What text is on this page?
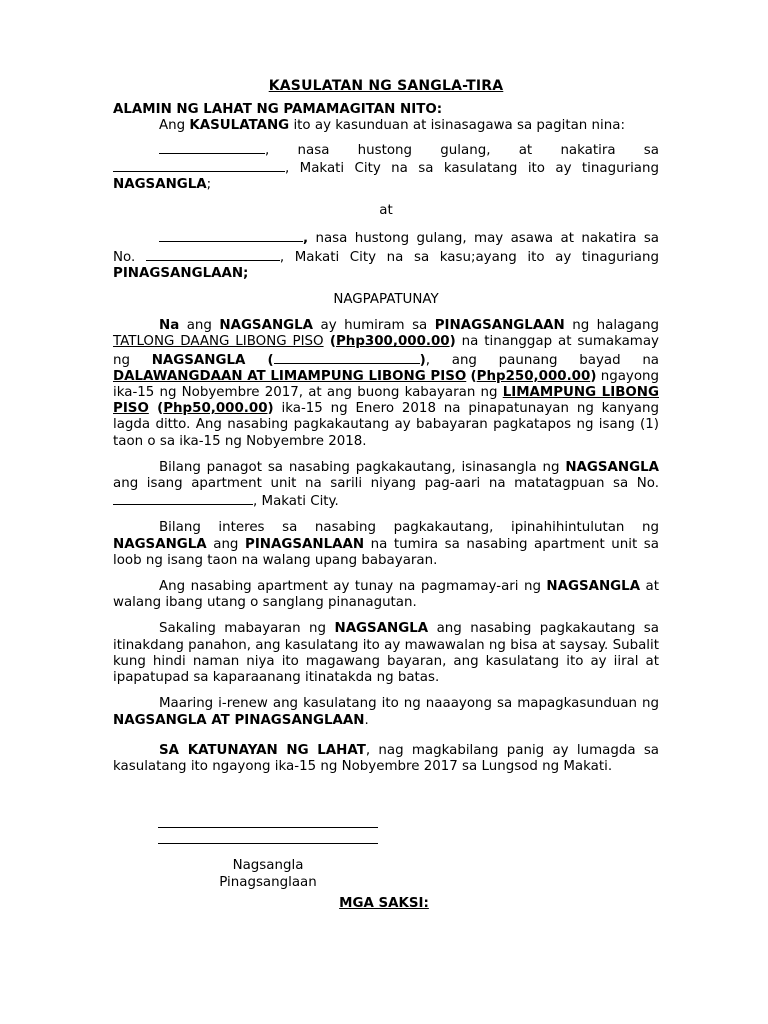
KASULATAN NG SANGLA-TIRA

ALAMIN NG LAHAT NG PAMAMAGITAN NITO:

Ang KASULATANG ito ay kasunduan at isinasagawa sa pagitan nina:

, nasa hustong gulang, at nakatira sa , Makati City na sa kasulatang ito ay tinaguriang NAGSANGLA;

at

, nasa hustong gulang, may asawa at nakatira sa No.	, Makati City na sa kasu;ayang ito ay tinaguriang PINAGSANGLAAN;

NAGPAPATUNAY

Na ang NAGSANGLA ay humiram sa PINAGSANGLAAN ng halagang TATLONG DAANG LIBONG PISO (Php300,000.00) na tinanggap at sumakamay ng NAGSANGLA (	), ang paunang bayad na DALAWANGDAAN AT LIMAMPUNG LIBONG PISO (Php250,000.00) ngayong ika-15 ng Nobyembre 2017, at ang buong kabayaran ng LIMAMPUNG LIBONG PISO (Php50,000.00) ika-15 ng Enero 2018 na pinapatunayan ng kanyang lagda ditto. Ang nasabing pagkakautang ay babayaran pagkatapos ng isang (1) taon o sa ika-15 ng Nobyembre 2018.

Bilang panagot sa nasabing pagkakautang, isinasangla ng NAGSANGLA ang isang apartment unit na sarili niyang pag-aari na matatagpuan sa No. , Makati City.

Bilang interes sa nasabing pagkakautang, ipinahihintulutan ng NAGSANGLA ang PINAGSANLAAN na tumira sa nasabing apartment unit sa loob ng isang taon na walang upang babayaran.

Ang nasabing apartment ay tunay na pagmamay-ari ng NAGSANGLA at walang ibang utang o sanglang pinanagutan.

Sakaling mabayaran ng NAGSANGLA ang nasabing pagkakautang sa itinakdang panahon, ang kasulatang ito ay mawawalan ng bisa at saysay. Subalit kung hindi naman niya ito magawang bayaran, ang kasulatang ito ay iiral at ipapatupad sa kaparaanang itinatakda ng batas.

Maaring i-renew ang kasulatang ito ng naaayong sa mapagkasunduan ng NAGSANGLA AT PINAGSANGLAAN.

SA KATUNAYAN NG LAHAT, nag magkabilang panig ay lumagda sa kasulatang ito ngayong ika-15 ng Nobyembre 2017 sa Lungsod ng Makati.

Nagsangla
Pinagsanglaan
MGA SAKSI:
